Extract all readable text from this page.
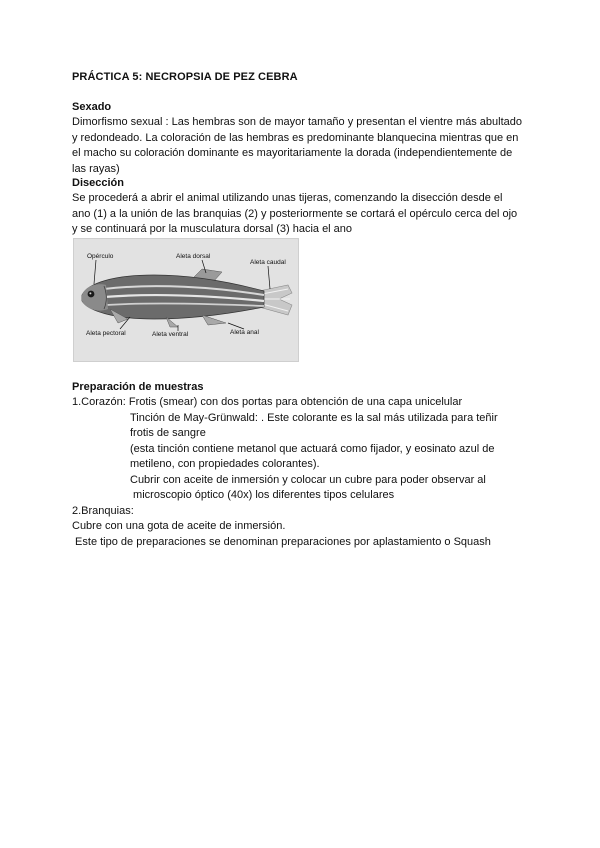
PRÁCTICA 5: NECROPSIA DE PEZ CEBRA
Sexado
Dimorfismo sexual : Las hembras son de mayor tamaño y presentan el vientre más abultado
y redondeado. La coloración de las hembras es predominante blanquecina mientras que en
el macho su coloración dominante es mayoritariamente la dorada (independientemente de
las rayas)
Disección
Se procederá a abrir el animal utilizando unas tijeras, comenzando la disección desde el
ano (1) a la unión de las branquias (2) y posteriormente se cortará el opérculo cerca del ojo
y se continuará por la musculatura dorsal (3) hacia el ano
Opérculo	Aleta dorsal
Aleta caudal
Aleta pectoral	Aleta ventral	Aleta anal
Preparación de muestras
1.Corazón: Frotis (smear) con dos portas para obtención de una capa unicelular
Tinción de May-Grünwald: . Este colorante es la sal más utilizada para teñir
frotis de sangre
(esta tinción contiene metanol que actuará como fijador, y eosinato azul de
metileno, con propiedades colorantes).
Cubrir con aceite de inmersión y colocar un cubre para poder observar al
microscopio óptico (40x) los diferentes tipos celulares
2.Branquias:
Cubre con una gota de aceite de inmersión.
Este tipo de preparaciones se denominan preparaciones por aplastamiento o Squash
